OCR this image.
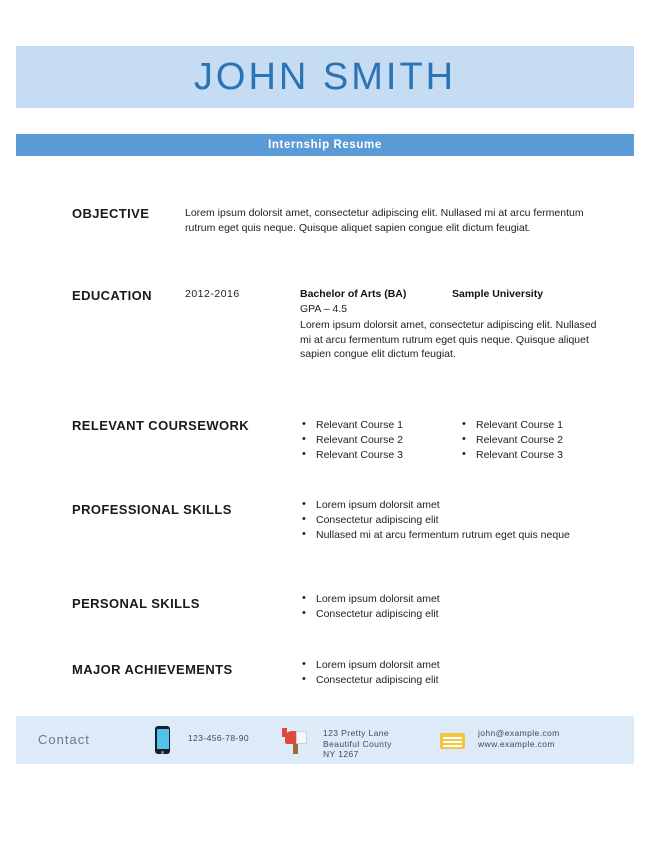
JOHN SMITH
Internship Resume
OBJECTIVE	Lorem ipsum dolorsit amet, consectetur adipiscing elit. Nullased mi at arcu fermentum rutrum eget quis neque. Quisque aliquet sapien congue elit dictum feugiat.
EDUCATION	2012-2016	Bachelor of Arts (BA)	Sample University
GPA – 4.5
Lorem ipsum dolorsit amet, consectetur adipiscing elit. Nullased mi at arcu fermentum rutrum eget quis neque. Quisque aliquet sapien congue elit dictum feugiat.
RELEVANT COURSEWORK	• Relevant Course 1
• Relevant Course 2
• Relevant Course 3
• Relevant Course 1
• Relevant Course 2
• Relevant Course 3
PROFESSIONAL SKILLS	• Lorem ipsum dolorsit amet
• Consectetur adipiscing elit
• Nullased mi at arcu fermentum rutrum eget quis neque
PERSONAL SKILLS	• Lorem ipsum dolorsit amet
• Consectetur adipiscing elit
MAJOR ACHIEVEMENTS	• Lorem ipsum dolorsit amet
• Consectetur adipiscing elit
Contact	123-456-78-90	123 Pretty Lane
Beautiful County
NY 1267
john@example.com
www.example.com
